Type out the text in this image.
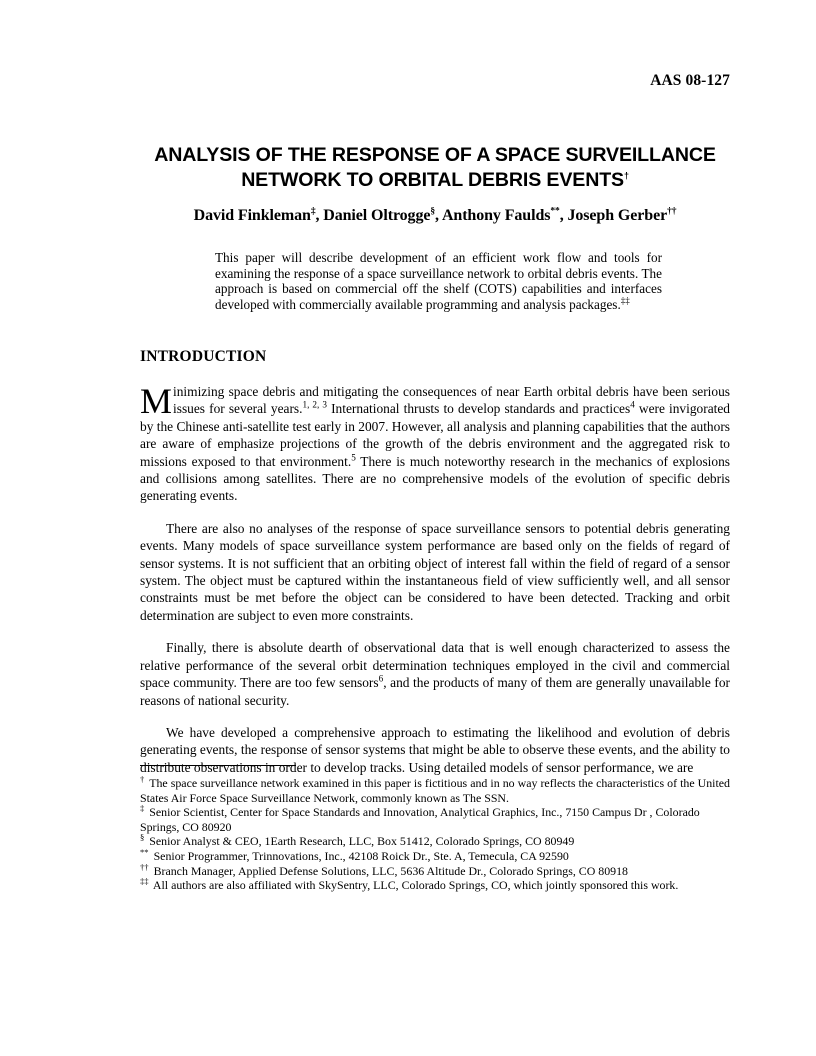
AAS 08-127
ANALYSIS OF THE RESPONSE OF A SPACE SURVEILLANCE
NETWORK TO ORBITAL DEBRIS EVENTS†
David Finkleman‡, Daniel Oltrogge§, Anthony Faulds**, Joseph Gerber††
This paper will describe development of an efficient work flow and tools for examining the response of a space surveillance network to orbital debris events. The approach is based on commercial off the shelf (COTS) capabilities and interfaces developed with commercially available programming and analysis packages.‡‡
INTRODUCTION

Minimizing space debris and mitigating the consequences of near Earth orbital debris have been serious issues for several years.$^{1, 2, 3}$ International thrusts to develop standards and practices$^4$ were invigorated by the Chinese anti-satellite test early in 2007. However, all analysis and planning capabilities that the authors are aware of emphasize projections of the growth of the debris environment and the aggregated risk to missions exposed to that environment.$^5$ There is much noteworthy research in the mechanics of explosions and collisions among satellites. There are no comprehensive models of the evolution of specific debris generating events.

There are also no analyses of the response of space surveillance sensors to potential debris generating events. Many models of space surveillance system performance are based only on the fields of regard of sensor systems. It is not sufficient that an orbiting object of interest fall within the field of regard of a sensor system. The object must be captured within the instantaneous field of view sufficiently well, and all sensor constraints must be met before the object can be considered to have been detected. Tracking and orbit determination are subject to even more constraints.

Finally, there is absolute dearth of observational data that is well enough characterized to assess the relative performance of the several orbit determination techniques employed in the civil and commercial space community. There are too few sensors$^6$, and the products of many of them are generally unavailable for reasons of national security.

We have developed a comprehensive approach to estimating the likelihood and evolution of debris generating events, the response of sensor systems that might be able to observe these events, and the ability to distribute observations in order to develop tracks. Using detailed models of sensor performance, we are

† The space surveillance network examined in this paper is fictitious and in no way reflects the characteristics of the United States Air Force Space Surveillance Network, commonly known as The SSN.

‡ Senior Scientist, Center for Space Standards and Innovation, Analytical Graphics, Inc., 7150 Campus Dr , Colorado Springs, CO 80920

§ Senior Analyst & CEO, 1Earth Research, LLC, Box 51412, Colorado Springs, CO 80949

** Senior Programmer, Trinnovations, Inc., 42108 Roick Dr., Ste. A, Temecula, CA 92590

†† Branch Manager, Applied Defense Solutions, LLC, 5636 Altitude Dr., Colorado Springs, CO 80918

‡‡ All authors are also affiliated with SkySentry, LLC, Colorado Springs, CO, which jointly sponsored this work.
